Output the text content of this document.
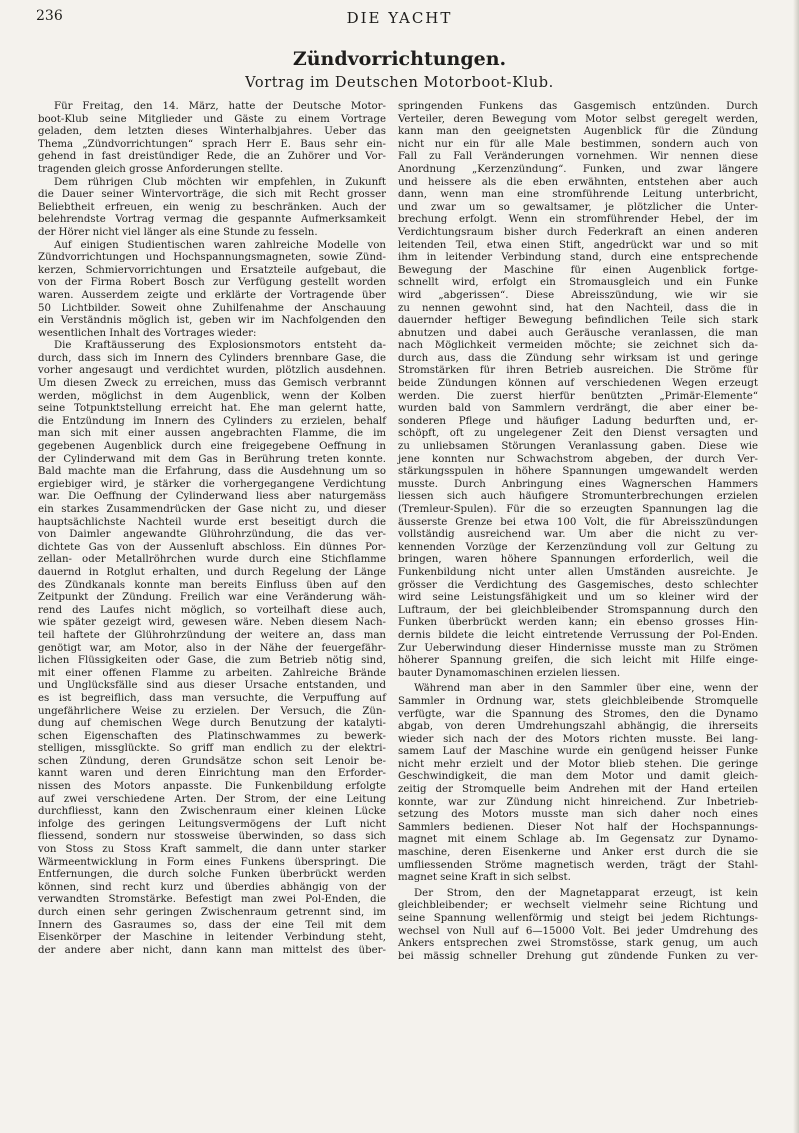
236	DIE YACHT
Zündvorrichtungen.
Vortrag im Deutschen Motorboot-Klub.
Für Freitag, den 14. März, hatte der Deutsche Motor-
boot-Klub seine Mitglieder und Gäste zu einem Vortrage
geladen, dem letzten dieses Winterhalbjahres. Ueber das
Thema „Zündvorrichtungen“ sprach Herr E. Baus sehr ein-
gehend in fast dreistündiger Rede, die an Zuhörer und Vor-
tragenden gleich grosse Anforderungen stellte.
Dem rührigen Club möchten wir empfehlen, in Zukunft
die Dauer seiner Wintervorträge, die sich mit Recht grosser
Beliebtheit erfreuen, ein wenig zu beschränken. Auch der
belehrendste Vortrag vermag die gespannte Aufmerksamkeit
der Hörer nicht viel länger als eine Stunde zu fesseln.
Auf einigen Studientischen waren zahlreiche Modelle von
Zündvorrichtungen und Hochspannungsmagneten, sowie Zünd-
kerzen, Schmiervorrichtungen und Ersatzteile aufgebaut, die
von der Firma Robert Bosch zur Verfügung gestellt worden
waren. Ausserdem zeigte und erklärte der Vortragende über
50 Lichtbilder. Soweit ohne Zuhilfenahme der Anschauung
ein Verständnis möglich ist, geben wir im Nachfolgenden den
wesentlichen Inhalt des Vortrages wieder:
Die Kraftäusserung des Explosionsmotors entsteht da-
durch, dass sich im Innern des Cylinders brennbare Gase, die
vorher angesaugt und verdichtet wurden, plötzlich ausdehnen.
Um diesen Zweck zu erreichen, muss das Gemisch verbrannt
werden, möglichst in dem Augenblick, wenn der Kolben
seine Totpunktstellung erreicht hat. Ehe man gelernt hatte,
die Entzündung im Innern des Cylinders zu erzielen, behalf
man sich mit einer aussen angebrachten Flamme, die im
gegebenen Augenblick durch eine freigegebene Oeffnung in
der Cylinderwand mit dem Gas in Berührung treten konnte.
Bald machte man die Erfahrung, dass die Ausdehnung um so
ergiebiger wird, je stärker die vorhergegangene Verdichtung
war. Die Oeffnung der Cylinderwand liess aber naturgemäss
ein starkes Zusammendrücken der Gase nicht zu, und dieser
hauptsächlichste Nachteil wurde erst beseitigt durch die
von Daimler angewandte Glührohrzündung, die das ver-
dichtete Gas von der Aussenluft abschloss. Ein dünnes Por-
zellan- oder Metallröhrchen wurde durch eine Stichflamme
dauernd in Rotglut erhalten, und durch Regelung der Länge
des Zündkanals konnte man bereits Einfluss üben auf den
Zeitpunkt der Zündung. Freilich war eine Veränderung wäh-
rend des Laufes nicht möglich, so vorteilhaft diese auch,
wie später gezeigt wird, gewesen wäre. Neben diesem Nach-
teil haftete der Glührohrzündung der weitere an, dass man
genötigt war, am Motor, also in der Nähe der feuergefähr-
lichen Flüssigkeiten oder Gase, die zum Betrieb nötig sind,
mit einer offenen Flamme zu arbeiten. Zahlreiche Brände
und Unglücksfälle sind aus dieser Ursache entstanden, und
es ist begreiflich, dass man versuchte, die Verpuffung auf
ungefährlichere Weise zu erzielen. Der Versuch, die Zün-
dung auf chemischen Wege durch Benutzung der katalyti-
schen Eigenschaften des Platinschwammes zu bewerk-
stelligen, missglückte. So griff man endlich zu der elektri-
schen Zündung, deren Grundsätze schon seit Lenoir be-
kannt waren und deren Einrichtung man den Erforder-
nissen des Motors anpasste. Die Funkenbildung erfolgte
auf zwei verschiedene Arten. Der Strom, der eine Leitung
durchfliesst, kann den Zwischenraum einer kleinen Lücke
infolge des geringen Leitungsvermögens der Luft nicht
fliessend, sondern nur stossweise überwinden, so dass sich
von Stoss zu Stoss Kraft sammelt, die dann unter starker
Wärmeentwicklung in Form eines Funkens überspringt. Die
Entfernungen, die durch solche Funken überbrückt werden
können, sind recht kurz und überdies abhängig von der
verwandten Stromstärke. Befestigt man zwei Pol-Enden, die
durch einen sehr geringen Zwischenraum getrennt sind, im
Innern des Gasraumes so, dass der eine Teil mit dem
Eisenkörper der Maschine in leitender Verbindung steht,
der andere aber nicht, dann kann man mittelst des über-
springenden Funkens das Gasgemisch entzünden. Durch
Verteiler, deren Bewegung vom Motor selbst geregelt werden,
kann man den geeignetsten Augenblick für die Zündung
nicht nur ein für alle Male bestimmen, sondern auch von
Fall zu Fall Veränderungen vornehmen. Wir nennen diese
Anordnung „Kerzenzündung“. Funken, und zwar längere
und heissere als die eben erwähnten, entstehen aber auch
dann, wenn man eine stromführende Leitung unterbricht,
und zwar um so gewaltsamer, je plötzlicher die Unter-
brechung erfolgt. Wenn ein stromführender Hebel, der im
Verdichtungsraum bisher durch Federkraft an einen anderen
leitenden Teil, etwa einen Stift, angedrückt war und so mit
ihm in leitender Verbindung stand, durch eine entsprechende
Bewegung der Maschine für einen Augenblick fortge-
schnellt wird, erfolgt ein Stromausgleich und ein Funke
wird „abgerissen“. Diese Abreisszündung, wie wir sie
zu nennen gewohnt sind, hat den Nachteil, dass die in
dauernder heftiger Bewegung befindlichen Teile sich stark
abnutzen und dabei auch Geräusche veranlassen, die man
nach Möglichkeit vermeiden möchte; sie zeichnet sich da-
durch aus, dass die Zündung sehr wirksam ist und geringe
Stromstärken für ihren Betrieb ausreichen. Die Ströme für
beide Zündungen können auf verschiedenen Wegen erzeugt
werden. Die zuerst hierfür benützten „Primär-Elemente“
wurden bald von Sammlern verdrängt, die aber einer be-
sonderen Pflege und häufiger Ladung bedurften und, er-
schöpft, oft zu ungelegener Zeit den Dienst versagten und
zu unliebsamen Störungen Veranlassung gaben. Diese wie
jene konnten nur Schwachstrom abgeben, der durch Ver-
stärkungsspulen in höhere Spannungen umgewandelt werden
musste. Durch Anbringung eines Wagnerschen Hammers
liessen sich auch häufigere Stromunterbrechungen erzielen
(Tremleur-Spulen). Für die so erzeugten Spannungen lag die
äusserste Grenze bei etwa 100 Volt, die für Abreisszündungen
vollständig ausreichend war. Um aber die nicht zu ver-
kennenden Vorzüge der Kerzenzündung voll zur Geltung zu
bringen, waren höhere Spannungen erforderlich, weil die
Funkenbildung nicht unter allen Umständen ausreichte. Je
grösser die Verdichtung des Gasgemisches, desto schlechter
wird seine Leistungsfähigkeit und um so kleiner wird der
Luftraum, der bei gleichbleibender Stromspannung durch den
Funken überbrückt werden kann; ein ebenso grosses Hin-
dernis bildete die leicht eintretende Verrussung der Pol-Enden.
Zur Ueberwindung dieser Hindernisse musste man zu Strömen
höherer Spannung greifen, die sich leicht mit Hilfe einge-
bauter Dynamomaschinen erzielen liessen.
Während man aber in den Sammler über eine, wenn der
Sammler in Ordnung war, stets gleichbleibende Stromquelle
verfügte, war die Spannung des Stromes, den die Dynamo
abgab, von deren Umdrehungszahl abhängig, die ihrerseits
wieder sich nach der des Motors richten musste. Bei lang-
samem Lauf der Maschine wurde ein genügend heisser Funke
nicht mehr erzielt und der Motor blieb stehen. Die geringe
Geschwindigkeit, die man dem Motor und damit gleich-
zeitig der Stromquelle beim Andrehen mit der Hand erteilen
konnte, war zur Zündung nicht hinreichend. Zur Inbetrieb-
setzung des Motors musste man sich daher noch eines
Sammlers bedienen. Dieser Not half der Hochspannungs-
magnet mit einem Schlage ab. Im Gegensatz zur Dynamo-
maschine, deren Eisenkerne und Anker erst durch die sie
umfliessenden Ströme magnetisch werden, trägt der Stahl-
magnet seine Kraft in sich selbst.
Der Strom, den der Magnetapparat erzeugt, ist kein
gleichbleibender; er wechselt vielmehr seine Richtung und
seine Spannung wellenförmig und steigt bei jedem Richtungs-
wechsel von Null auf 6—15000 Volt. Bei jeder Umdrehung des
Ankers entsprechen zwei Stromstösse, stark genug, um auch
bei mässig schneller Drehung gut zündende Funken zu ver-
